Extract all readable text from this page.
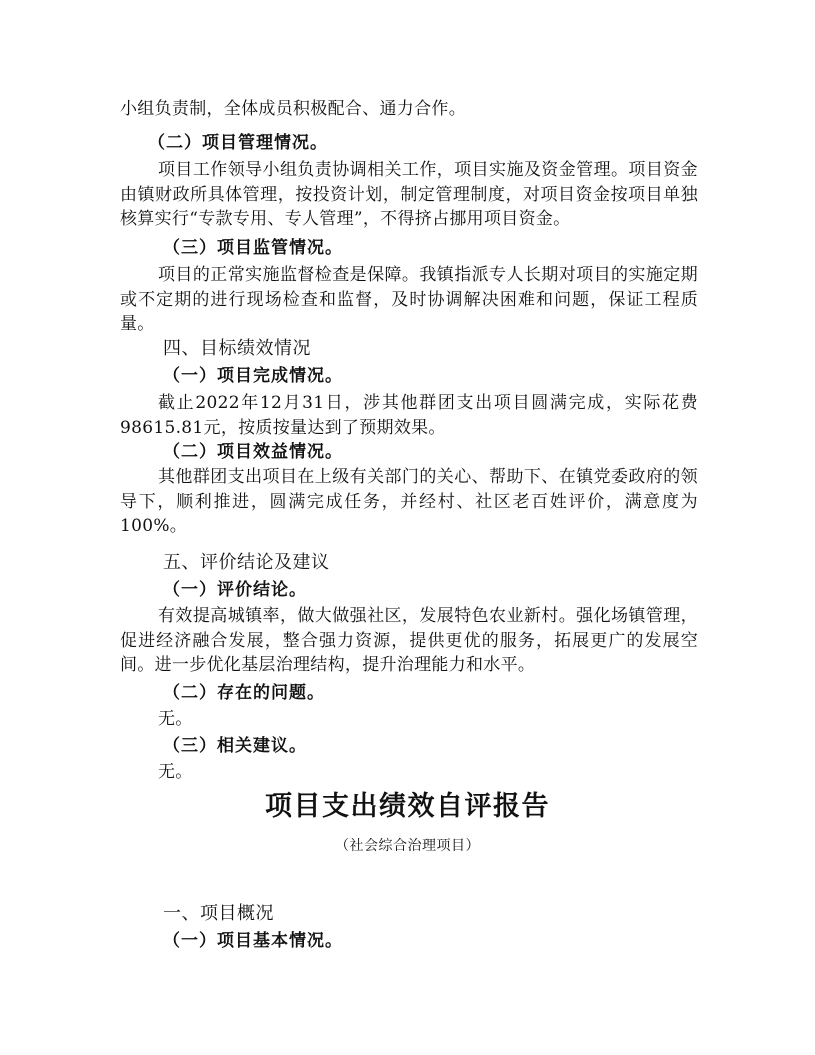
小组负责制，全体成员积极配合、通力合作。
（二）项目管理情况。
项目工作领导小组负责协调相关工作，项目实施及资金管理。项目资金由镇财政所具体管理，按投资计划，制定管理制度，对项目资金按项目单独核算实行“专款专用、专人管理”，不得挤占挪用项目资金。
（三）项目监管情况。
项目的正常实施监督检查是保障。我镇指派专人长期对项目的实施定期或不定期的进行现场检查和监督，及时协调解决困难和问题，保证工程质量。
四、目标绩效情况
（一）项目完成情况。
截止2022年12月31日，涉其他群团支出项目圆满完成，实际花费98615.81元，按质按量达到了预期效果。
（二）项目效益情况。
其他群团支出项目在上级有关部门的关心、帮助下、在镇党委政府的领导下，顺利推进，圆满完成任务，并经村、社区老百姓评价，满意度为100%。
五、评价结论及建议
（一）评价结论。
有效提高城镇率，做大做强社区，发展特色农业新村。强化场镇管理，促进经济融合发展，整合强力资源，提供更优的服务，拓展更广的发展空间。进一步优化基层治理结构，提升治理能力和水平。
（二）存在的问题。
无。
（三）相关建议。
无。
项目支出绩效自评报告
（社会综合治理项目）
一、项目概况
（一）项目基本情况。
